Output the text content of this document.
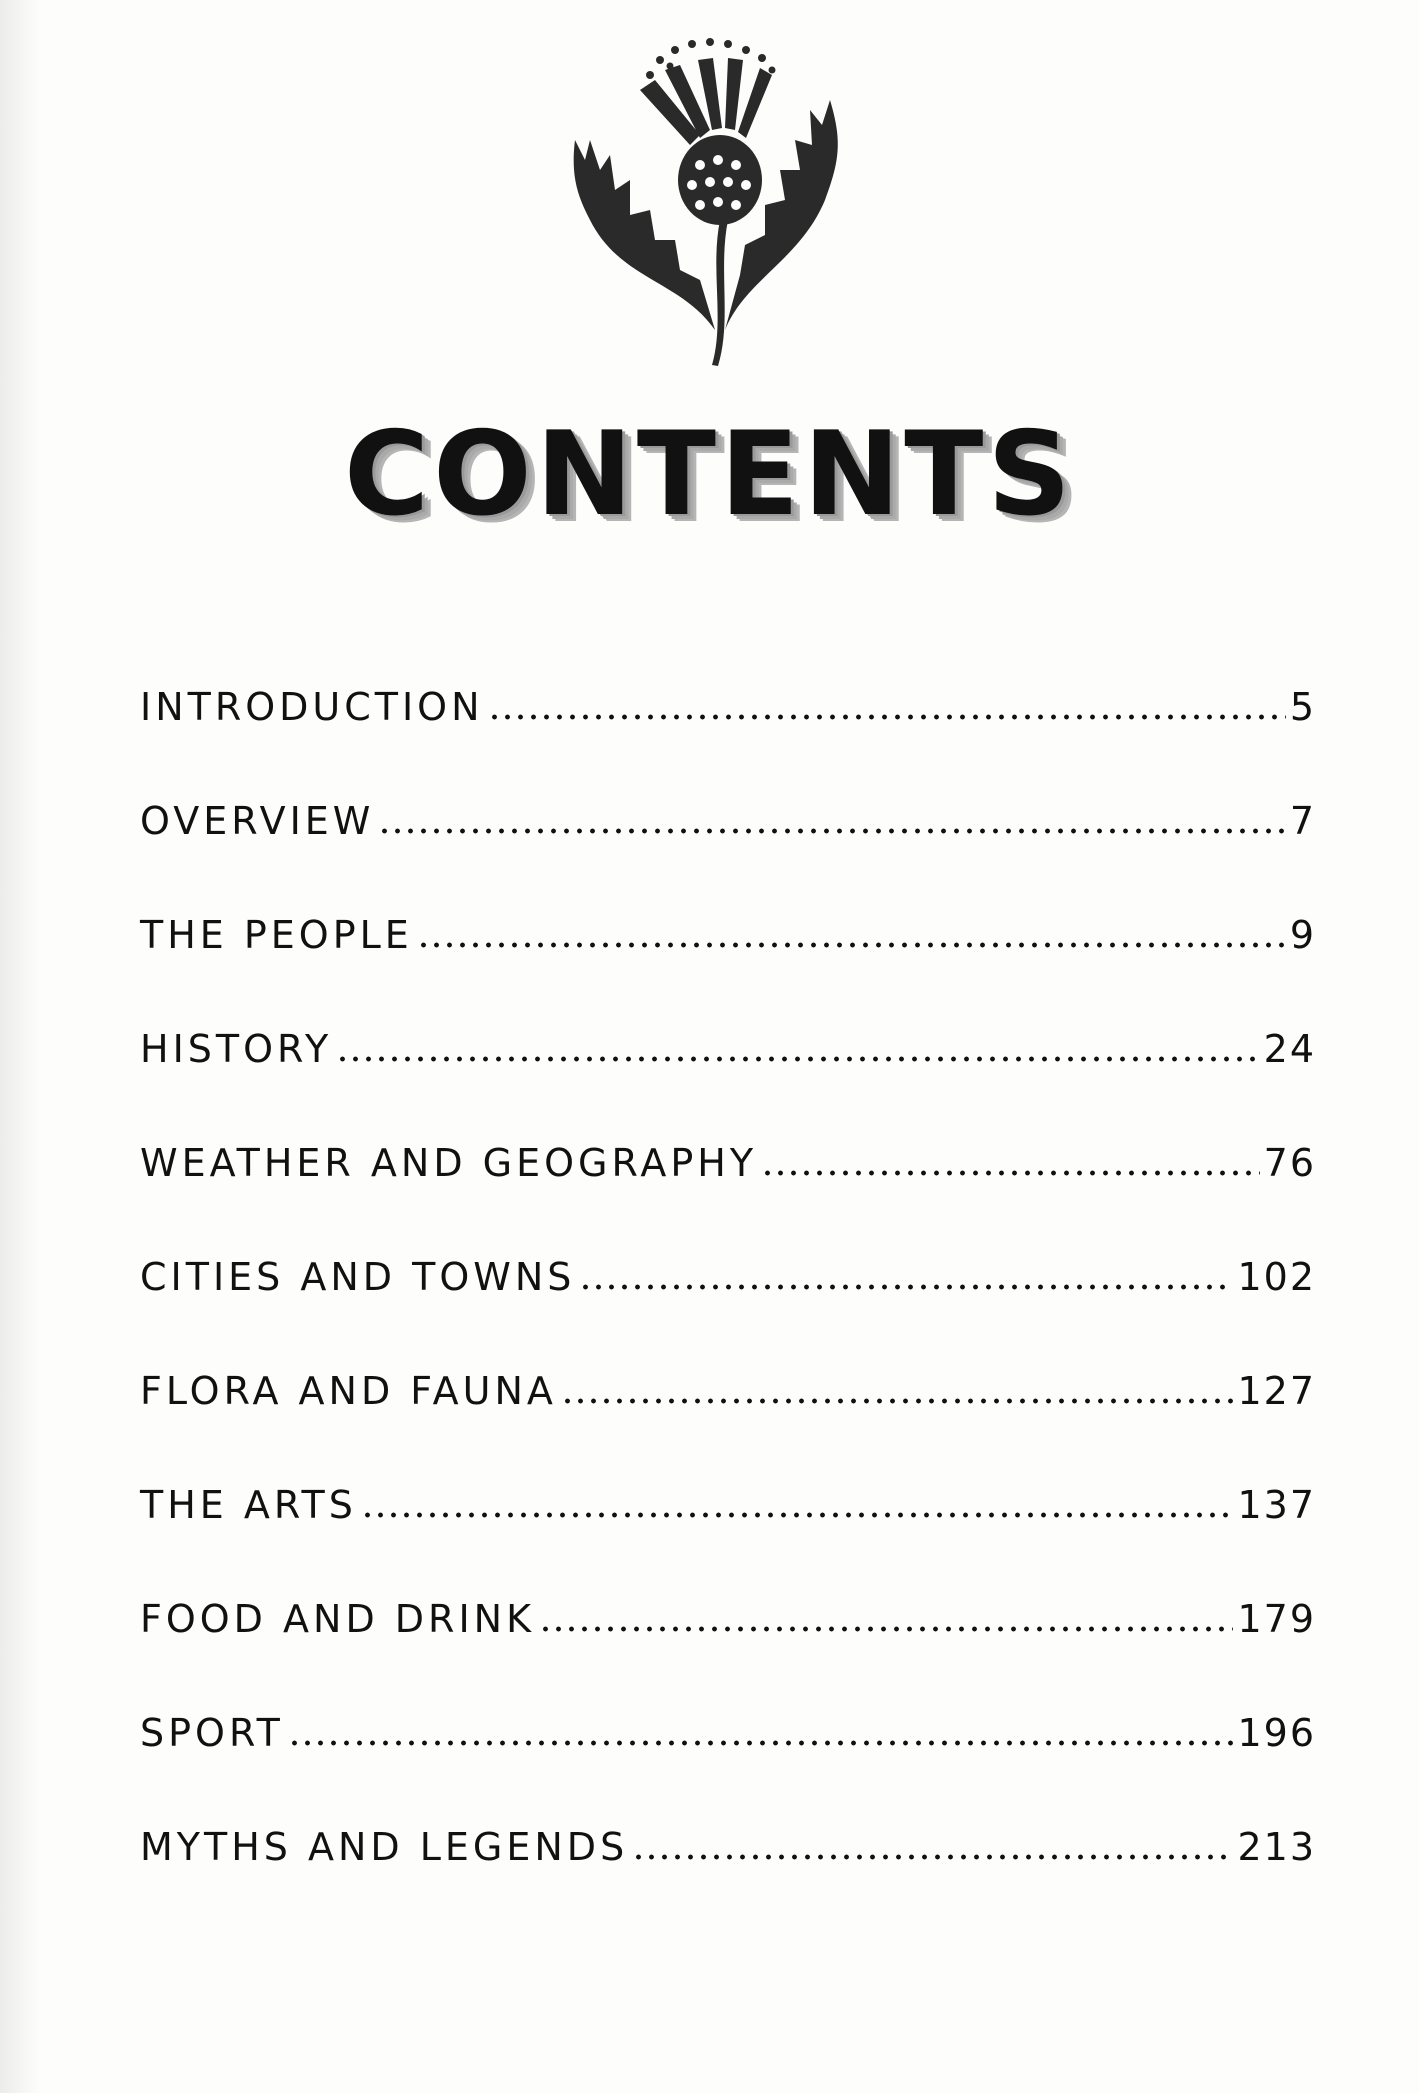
CONTENTS
INTRODUCTION	5
OVERVIEW	7
THE PEOPLE	9
HISTORY	24
WEATHER AND GEOGRAPHY	76
CITIES AND TOWNS	102
FLORA AND FAUNA	127
THE ARTS	137
FOOD AND DRINK	179
SPORT	196
MYTHS AND LEGENDS	213
